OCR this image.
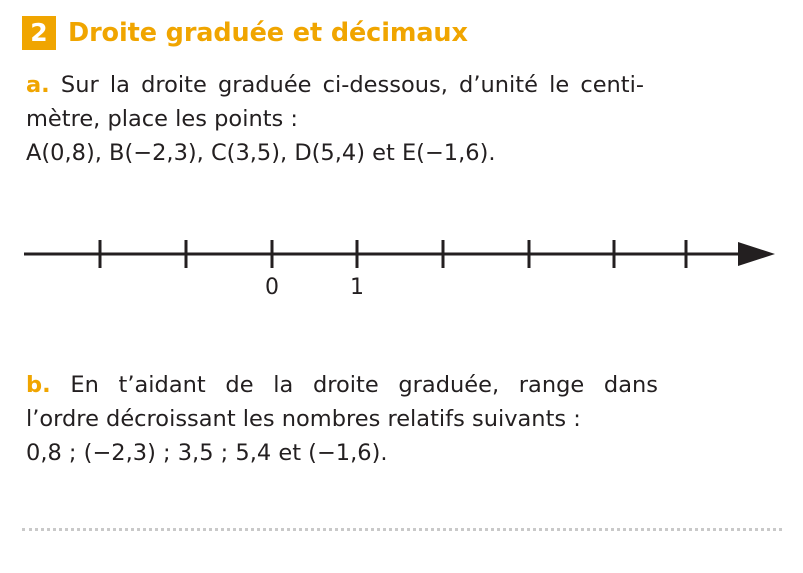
2 Droite graduée et décimaux
a. Sur la droite graduée ci-dessous, d’unité le centi-
mètre, place les points :
A(0,8), B(−2,3), C(3,5), D(5,4) et E(−1,6).
0	1
b. En t’aidant de la droite graduée, range dans
l’ordre décroissant les nombres relatifs suivants :
0,8 ; (−2,3) ; 3,5 ; 5,4 et (−1,6).
